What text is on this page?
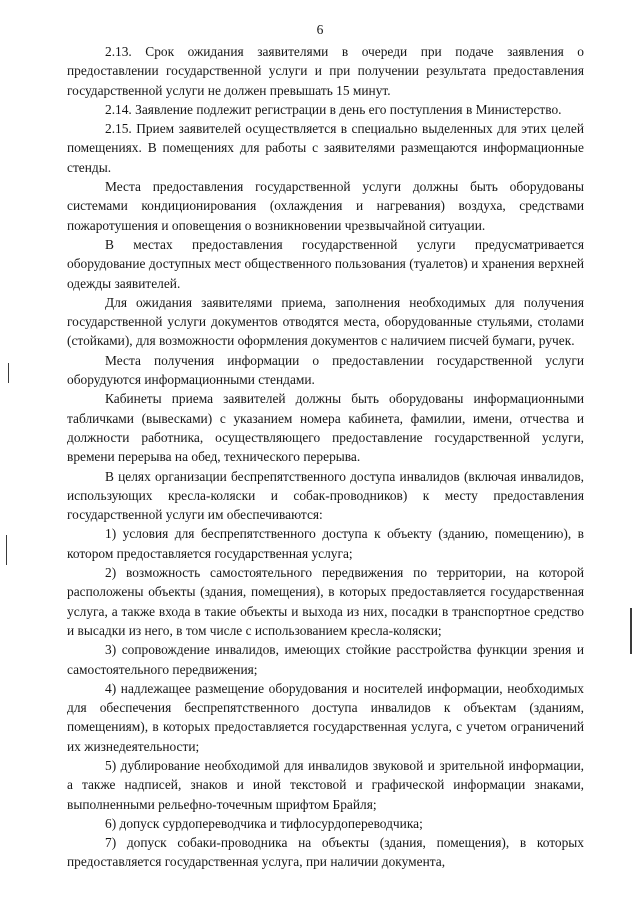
6

2.13. Срок ожидания заявителями в очереди при подаче заявления о предоставлении государственной услуги и при получении результата предоставления государственной услуги не должен превышать 15 минут.

2.14. Заявление подлежит регистрации в день его поступления в Министерство.

2.15. Прием заявителей осуществляется в специально выделенных для этих целей помещениях. В помещениях для работы с заявителями размещаются информационные стенды.

Места предоставления государственной услуги должны быть оборудованы системами кондиционирования (охлаждения и нагревания) воздуха, средствами пожаротушения и оповещения о возникновении чрезвычайной ситуации.

В местах предоставления государственной услуги предусматривается оборудование доступных мест общественного пользования (туалетов) и хранения верхней одежды заявителей.

Для ожидания заявителями приема, заполнения необходимых для получения государственной услуги документов отводятся места, оборудованные стульями, столами (стойками), для возможности оформления документов с наличием писчей бумаги, ручек.

Места получения информации о предоставлении государственной услуги оборудуются информационными стендами.

Кабинеты приема заявителей должны быть оборудованы информационными табличками (вывесками) с указанием номера кабинета, фамилии, имени, отчества и должности работника, осуществляющего предоставление государственной услуги, времени перерыва на обед, технического перерыва.

В целях организации беспрепятственного доступа инвалидов (включая инвалидов, использующих кресла-коляски и собак-проводников) к месту предоставления государственной услуги им обеспечиваются:

1) условия для беспрепятственного доступа к объекту (зданию, помещению), в котором предоставляется государственная услуга;

2) возможность самостоятельного передвижения по территории, на которой расположены объекты (здания, помещения), в которых предоставляется государственная услуга, а также входа в такие объекты и выхода из них, посадки в транспортное средство и высадки из него, в том числе с использованием кресла-коляски;

3) сопровождение инвалидов, имеющих стойкие расстройства функции зрения и самостоятельного передвижения;

4) надлежащее размещение оборудования и носителей информации, необходимых для обеспечения беспрепятственного доступа инвалидов к объектам (зданиям, помещениям), в которых предоставляется государственная услуга, с учетом ограничений их жизнедеятельности;

5) дублирование необходимой для инвалидов звуковой и зрительной информации, а также надписей, знаков и иной текстовой и графической информации знаками, выполненными рельефно-точечным шрифтом Брайля;

6) допуск сурдопереводчика и тифлосурдопереводчика;

7) допуск собаки-проводника на объекты (здания, помещения), в которых предоставляется государственная услуга, при наличии документа,
